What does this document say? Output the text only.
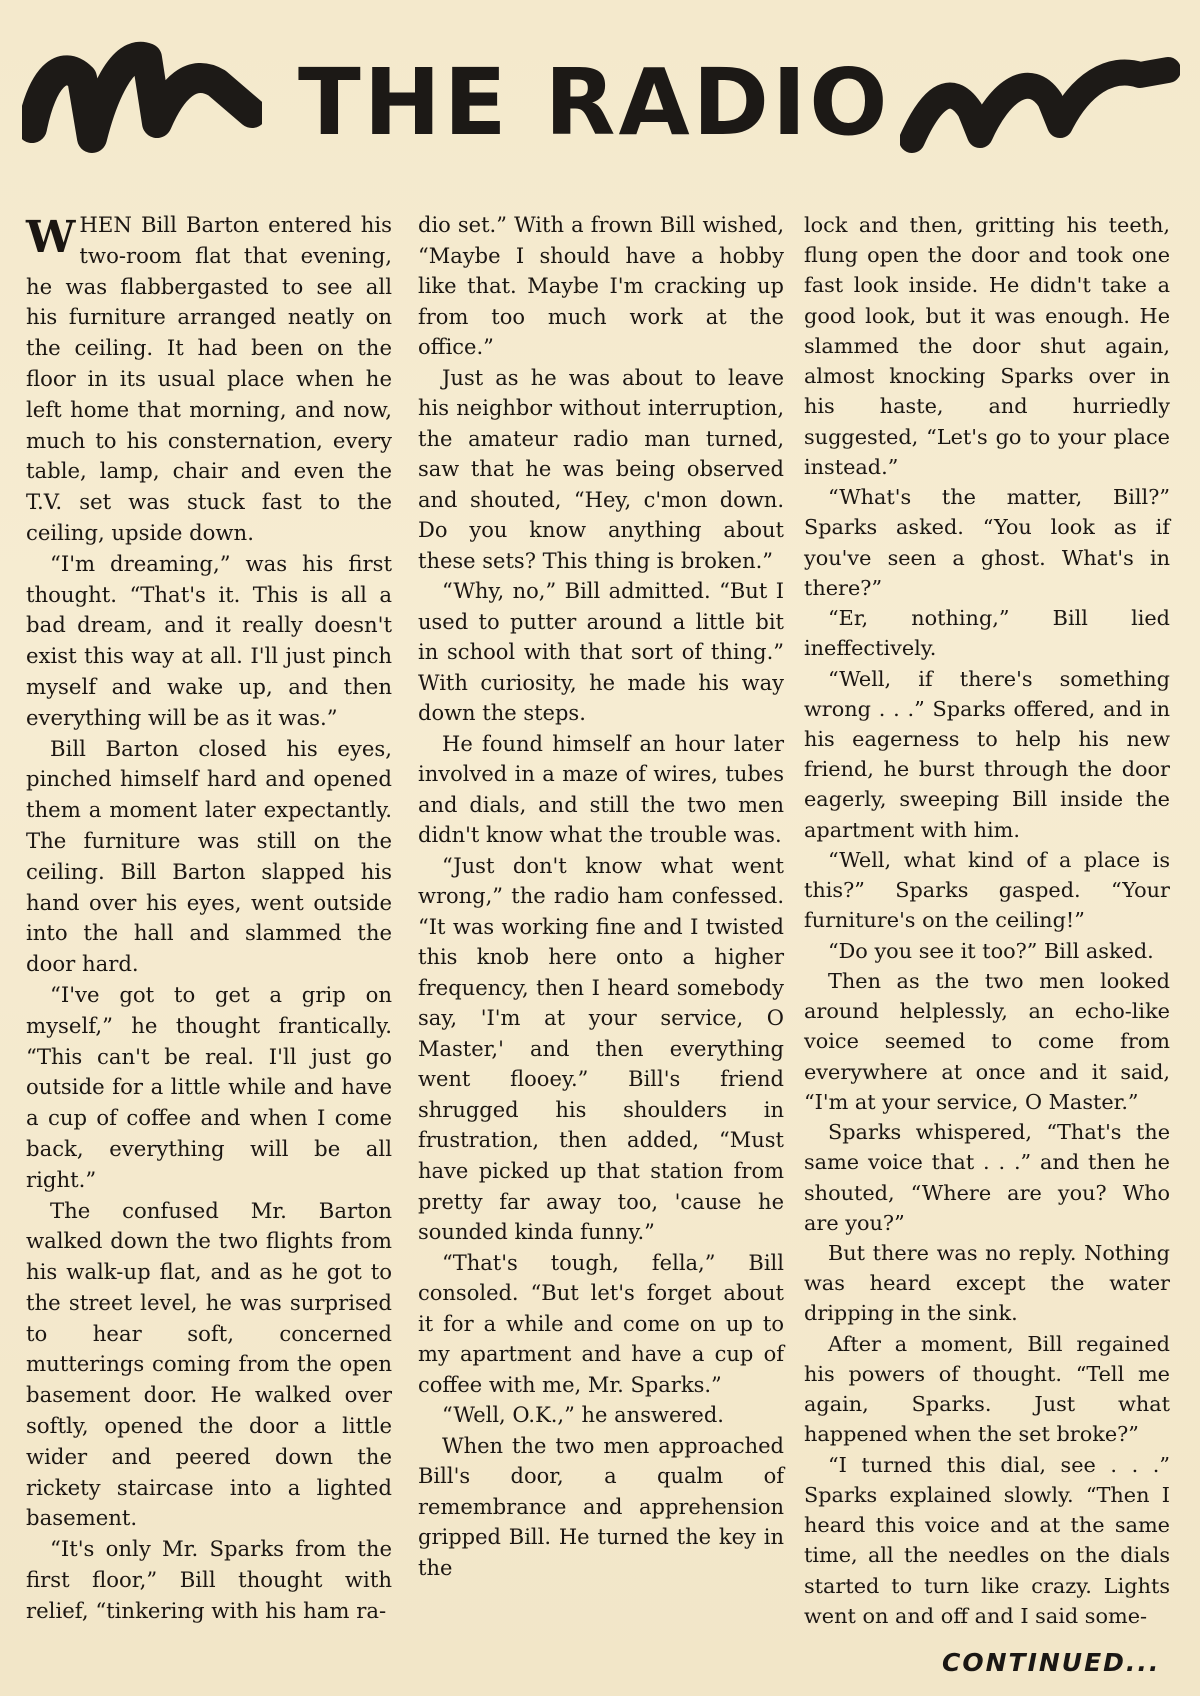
THE RADIO

WHEN Bill Barton entered his two-room flat that evening, he was flabbergasted to see all his furniture arranged neatly on the ceiling. It had been on the floor in its usual place when he left home that morning, and now, much to his consternation, every table, lamp, chair and even the T.V. set was stuck fast to the ceiling, upside down.

“I'm dreaming,” was his first thought. “That's it. This is all a bad dream, and it really doesn't exist this way at all. I'll just pinch myself and wake up, and then everything will be as it was.”

Bill Barton closed his eyes, pinched himself hard and opened them a moment later expectantly. The furniture was still on the ceiling. Bill Barton slapped his hand over his eyes, went outside into the hall and slammed the door hard.

“I've got to get a grip on myself,” he thought frantically. “This can't be real. I'll just go outside for a little while and have a cup of coffee and when I come back, everything will be all right.”

The confused Mr. Barton walked down the two flights from his walk-up flat, and as he got to the street level, he was surprised to hear soft, concerned mutterings coming from the open basement door. He walked over softly, opened the door a little wider and peered down the rickety staircase into a lighted basement.

“It's only Mr. Sparks from the first floor,” Bill thought with relief, “tinkering with his ham ra-

dio set.” With a frown Bill wished, “Maybe I should have a hobby like that. Maybe I'm cracking up from too much work at the office.”

Just as he was about to leave his neighbor without interruption, the amateur radio man turned, saw that he was being observed and shouted, “Hey, c'mon down. Do you know anything about these sets? This thing is broken.”

“Why, no,” Bill admitted. “But I used to putter around a little bit in school with that sort of thing.” With curiosity, he made his way down the steps.

He found himself an hour later involved in a maze of wires, tubes and dials, and still the two men didn't know what the trouble was.

“Just don't know what went wrong,” the radio ham confessed. “It was working fine and I twisted this knob here onto a higher frequency, then I heard somebody say, 'I'm at your service, O Master,' and then everything went flooey.” Bill's friend shrugged his shoulders in frustration, then added, “Must have picked up that station from pretty far away too, 'cause he sounded kinda funny.”

“That's tough, fella,” Bill consoled. “But let's forget about it for a while and come on up to my apartment and have a cup of coffee with me, Mr. Sparks.”

“Well, O.K.,” he answered.

When the two men approached Bill's door, a qualm of remembrance and apprehension gripped Bill. He turned the key in the

lock and then, gritting his teeth, flung open the door and took one fast look inside. He didn't take a good look, but it was enough. He slammed the door shut again, almost knocking Sparks over in his haste, and hurriedly suggested, “Let's go to your place instead.”

“What's the matter, Bill?” Sparks asked. “You look as if you've seen a ghost. What's in there?”

“Er, nothing,” Bill lied ineffectively.

“Well, if there's something wrong . . .” Sparks offered, and in his eagerness to help his new friend, he burst through the door eagerly, sweeping Bill inside the apartment with him.

“Well, what kind of a place is this?” Sparks gasped. “Your furniture's on the ceiling!”

“Do you see it too?” Bill asked.

Then as the two men looked around helplessly, an echo-like voice seemed to come from everywhere at once and it said, “I'm at your service, O Master.”

Sparks whispered, “That's the same voice that . . .” and then he shouted, “Where are you? Who are you?”

But there was no reply. Nothing was heard except the water dripping in the sink.

After a moment, Bill regained his powers of thought. “Tell me again, Sparks. Just what happened when the set broke?”

“I turned this dial, see . . .” Sparks explained slowly. “Then I heard this voice and at the same time, all the needles on the dials started to turn like crazy. Lights went on and off and I said some-

CONTINUED...
